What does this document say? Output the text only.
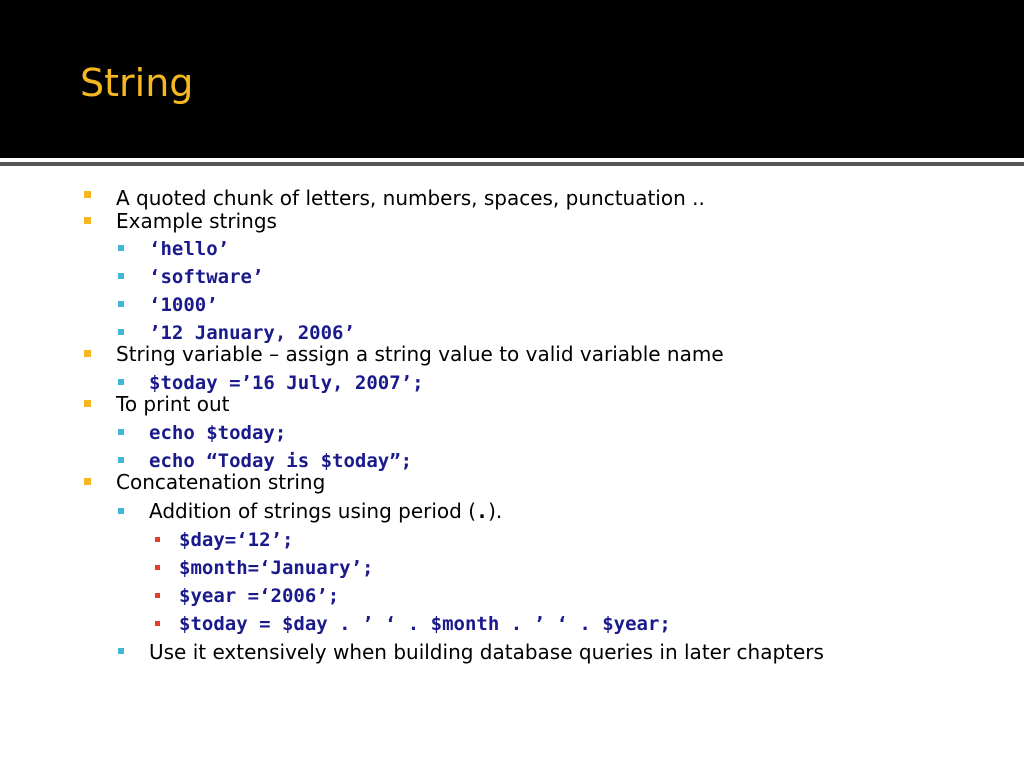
String
A quoted chunk of letters, numbers, spaces, punctuation ..
Example strings
‘hello’
‘software’
‘1000’
’12 January, 2006’
String variable – assign a string value to valid variable name
$today =’16 July, 2007’;
To print out
echo $today;
echo “Today is $today”;
Concatenation string
Addition of strings using period (.).
$day=‘12’;
$month=‘January’;
$year =‘2006’;
$today = $day . ’ ‘ . $month . ’ ‘ . $year;
Use it extensively when building database queries in later chapters
